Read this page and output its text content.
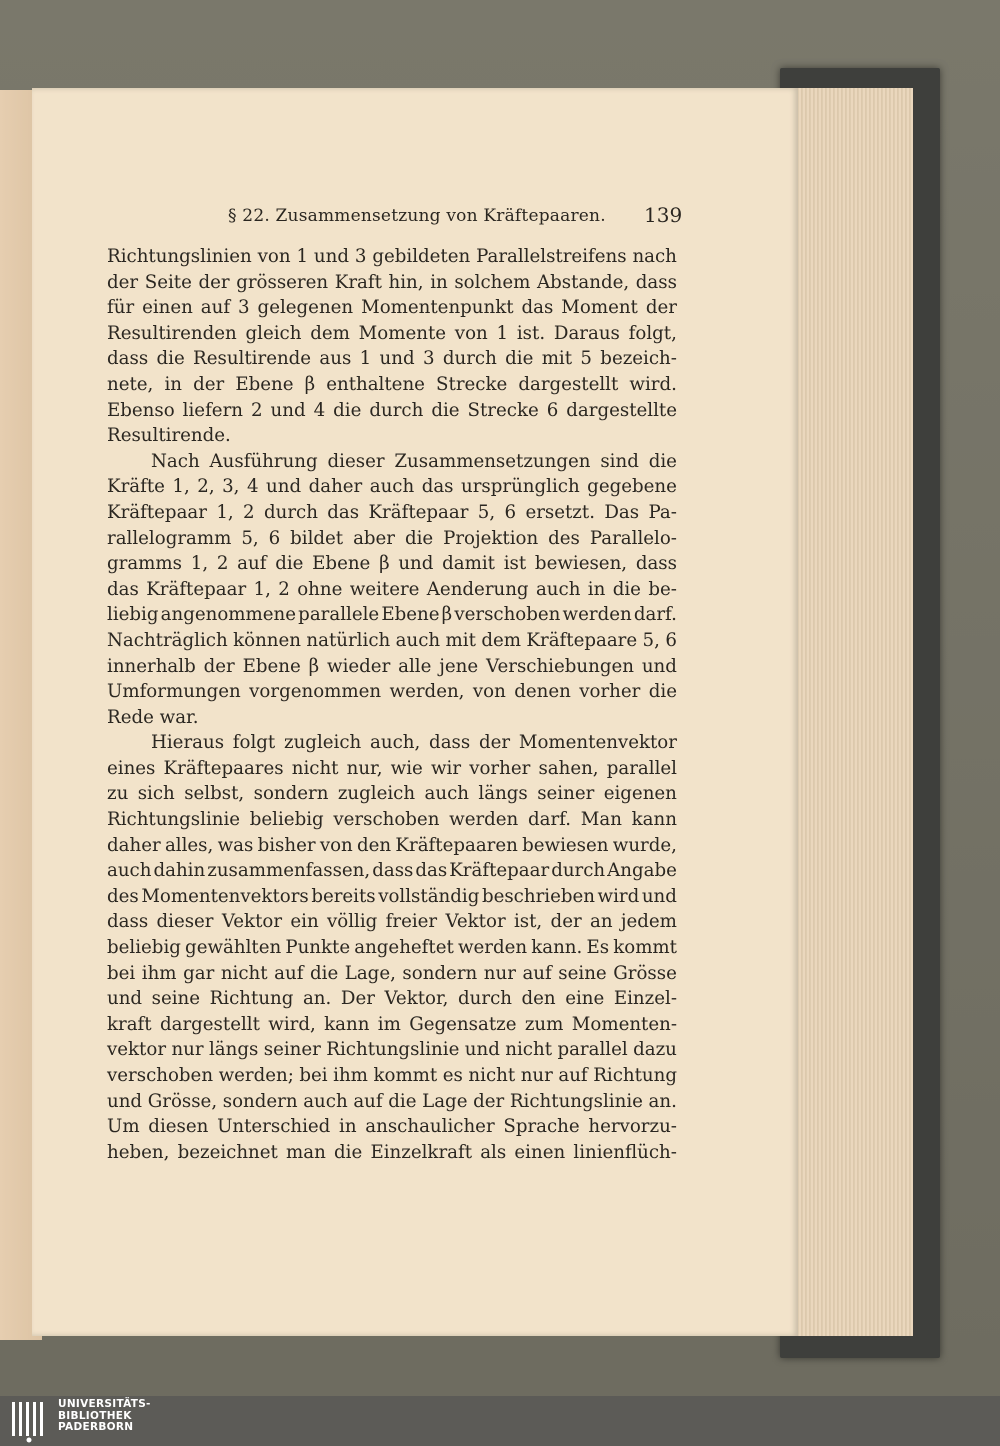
§ 22. Zusammensetzung von Kräftepaaren. 139
Richtungslinien von 1 und 3 gebildeten Parallelstreifens nach
der Seite der grösseren Kraft hin, in solchem Abstande, dass
für einen auf 3 gelegenen Momentenpunkt das Moment der
Resultirenden gleich dem Momente von 1 ist. Daraus folgt,
dass die Resultirende aus 1 und 3 durch die mit 5 bezeich-
nete, in der Ebene β enthaltene Strecke dargestellt wird.
Ebenso liefern 2 und 4 die durch die Strecke 6 dargestellte
Resultirende.
Nach Ausführung dieser Zusammensetzungen sind die
Kräfte 1, 2, 3, 4 und daher auch das ursprünglich gegebene
Kräftepaar 1, 2 durch das Kräftepaar 5, 6 ersetzt. Das Pa-
rallelogramm 5, 6 bildet aber die Projektion des Parallelo-
gramms 1, 2 auf die Ebene β und damit ist bewiesen, dass
das Kräftepaar 1, 2 ohne weitere Aenderung auch in die be-
liebig angenommene parallele Ebene β verschoben werden darf.
Nachträglich können natürlich auch mit dem Kräftepaare 5, 6
innerhalb der Ebene β wieder alle jene Verschiebungen und
Umformungen vorgenommen werden, von denen vorher die
Rede war.
Hieraus folgt zugleich auch, dass der Momentenvektor
eines Kräftepaares nicht nur, wie wir vorher sahen, parallel
zu sich selbst, sondern zugleich auch längs seiner eigenen
Richtungslinie beliebig verschoben werden darf. Man kann
daher alles, was bisher von den Kräftepaaren bewiesen wurde,
auch dahin zusammenfassen, dass das Kräftepaar durch Angabe
des Momentenvektors bereits vollständig beschrieben wird und
dass dieser Vektor ein völlig freier Vektor ist, der an jedem
beliebig gewählten Punkte angeheftet werden kann. Es kommt
bei ihm gar nicht auf die Lage, sondern nur auf seine Grösse
und seine Richtung an. Der Vektor, durch den eine Einzel-
kraft dargestellt wird, kann im Gegensatze zum Momenten-
vektor nur längs seiner Richtungslinie und nicht parallel dazu
verschoben werden; bei ihm kommt es nicht nur auf Richtung
und Grösse, sondern auch auf die Lage der Richtungslinie an.
Um diesen Unterschied in anschaulicher Sprache hervorzu-
heben, bezeichnet man die Einzelkraft als einen linienflüch-
UNIVERSITÄTS-
BIBLIOTHEK
PADERBORN
